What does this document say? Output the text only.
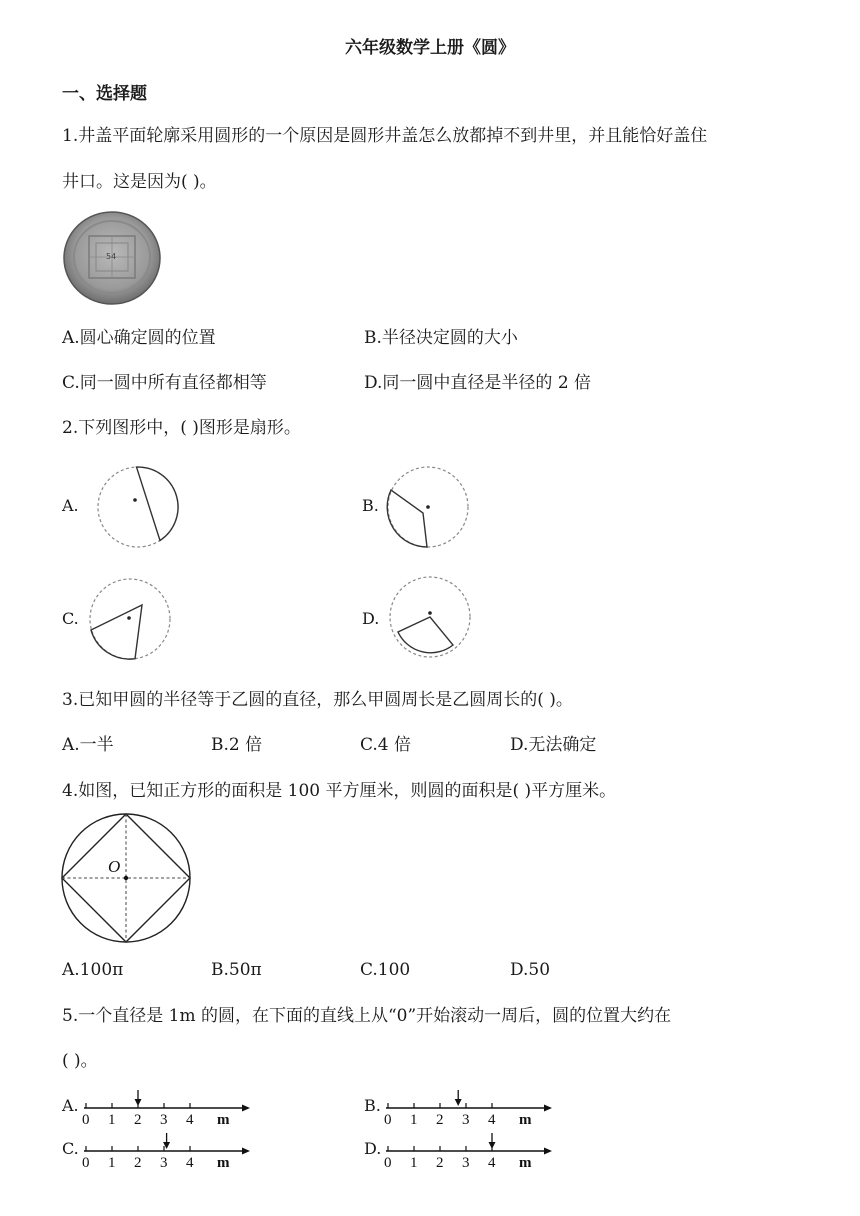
六年级数学上册《圆》
一、选择题
1.井盖平面轮廓采用圆形的一个原因是圆形井盖怎么放都掉不到井里，并且能恰好盖住
井口。这是因为( )。
54
A.圆心确定圆的位置	B.半径决定圆的大小
C.同一圆中所有直径都相等	D.同一圆中直径是半径的 2 倍
2.下列图形中，( )图形是扇形。
A.	B.
C.	D.
3.已知甲圆的半径等于乙圆的直径，那么甲圆周长是乙圆周长的( )。
A.一半	B.2 倍	C.4 倍	D.无法确定
4.如图，已知正方形的面积是 100 平方厘米，则圆的面积是( )平方厘米。
O
A.100π	B.50π	C.100	D.50
5.一个直径是 1m 的圆，在下面的直线上从“0”开始滚动一周后，圆的位置大约在
( )。
A.
0 1 2 3 4 m
B.
0 1 2 3 4 m
C.
0 1 2 3 4 m
D.
0 1 2 3 4 m
